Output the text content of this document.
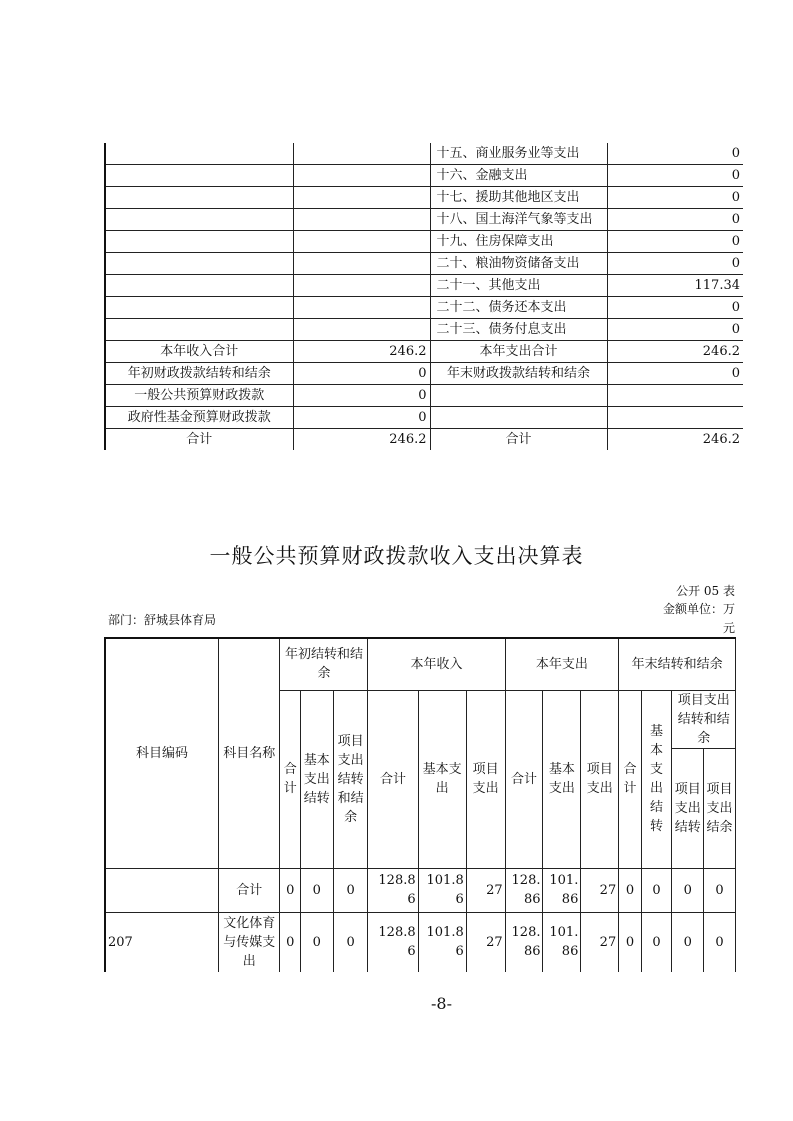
		十五、商业服务业等支出	0
		十六、金融支出	0
		十七、援助其他地区支出	0
		十八、国土海洋气象等支出	0
		十九、住房保障支出	0
		二十、粮油物资储备支出	0
		二十一、其他支出	117.34
		二十二、债务还本支出	0
		二十三、债务付息支出	0
本年收入合计	246.2	本年支出合计	246.2
年初财政拨款结转和结余	0	年末财政拨款结转和结余	0
一般公共预算财政拨款	0		
政府性基金预算财政拨款	0		
合计	246.2	合计	246.2
一般公共预算财政拨款收入支出决算表
公开 05 表
金额单位：万
部门：舒城县体育局
元
科目编码	科目名称	年初结转和结余			本年收入			本年支出			年末结转和结余			
		合计	基本支出结转	项目支出结转和结余	合计	基本支出	项目支出	合计	基本支出	项目支出	合计	基本支出结转	项目支出结转和结余	
													项目支出结转	项目支出结余
	合计	0	0	0	128.86	101.86	27	128.86	101.86	27	0	0	0	0
207	文化体育与传媒支出	0	0	0	128.86	101.86	27	128.86	101.86	27	0	0	0	0
-8-
